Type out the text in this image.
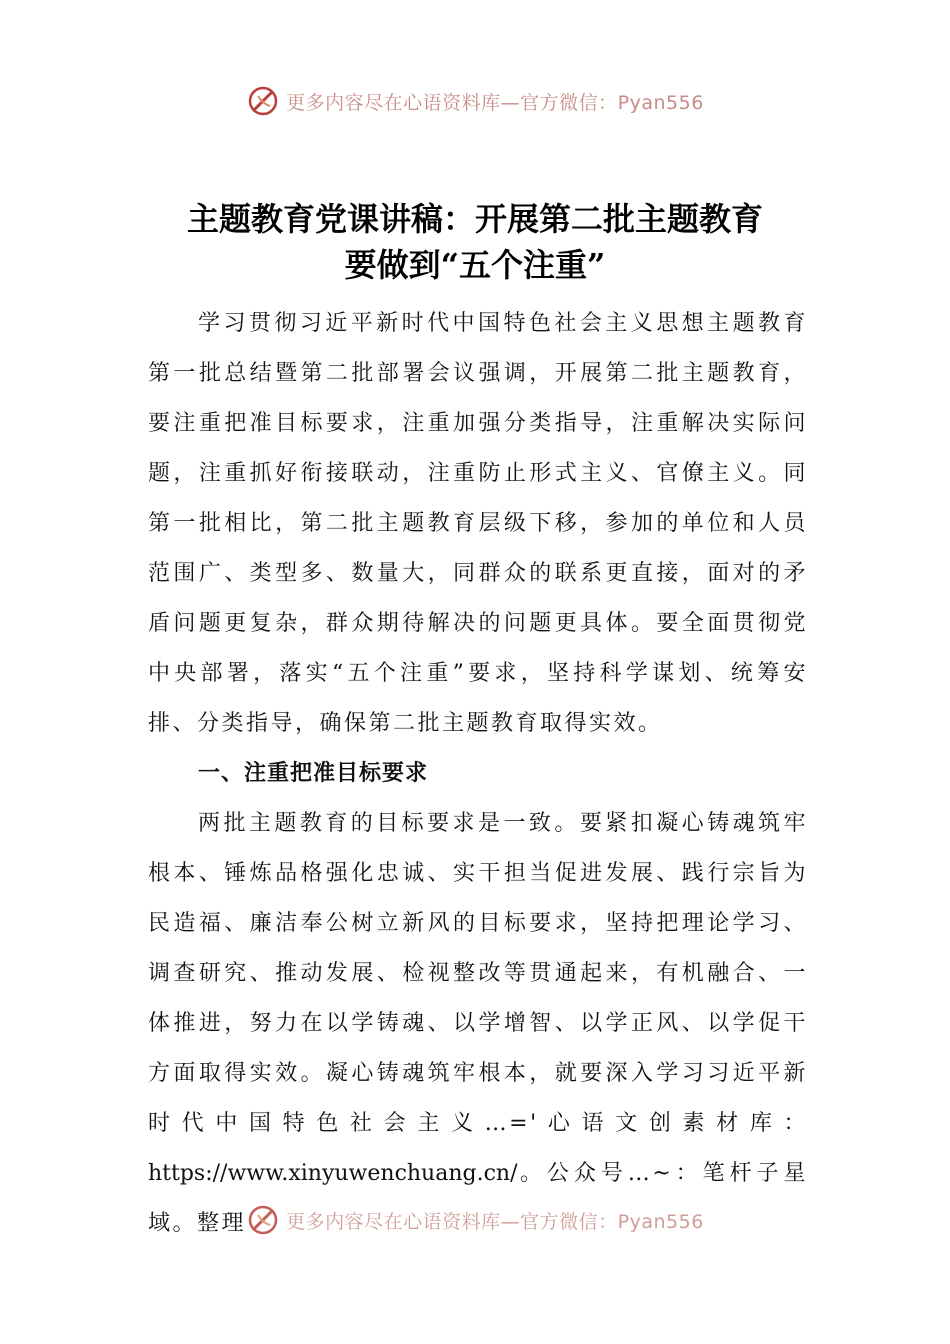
更多内容尽在心语资料库—官方微信：Pyan556
主题教育党课讲稿：开展第二批主题教育
要做到“五个注重”

学习贯彻习近平新时代中国特色社会主义思想主题教育第一批总结暨第二批部署会议强调，开展第二批主题教育，要注重把准目标要求，注重加强分类指导，注重解决实际问题，注重抓好衔接联动，注重防止形式主义、官僚主义。同第一批相比，第二批主题教育层级下移，参加的单位和人员范围广、类型多、数量大，同群众的联系更直接，面对的矛盾问题更复杂，群众期待解决的问题更具体。要全面贯彻党中央部署，落实“五个注重”要求，坚持科学谋划、统筹安排、分类指导，确保第二批主题教育取得实效。

一、注重把准目标要求

两批主题教育的目标要求是一致。要紧扣凝心铸魂筑牢根本、锤炼品格强化忠诚、实干担当促进发展、践行宗旨为民造福、廉洁奉公树立新风的目标要求，坚持把理论学习、调查研究、推动发展、检视整改等贯通起来，有机融合、一体推进，努力在以学铸魂、以学增智、以学正风、以学促干方面取得实效。凝心铸魂筑牢根本，就要深入学习习近平新时代中国特色社会主义…='心语文创素材库：https://www.xinyuwenchuang.cn/。公众号…~：笔杆子星域。整理	更多内容尽在心语资料库—官方微信：Pyan556
